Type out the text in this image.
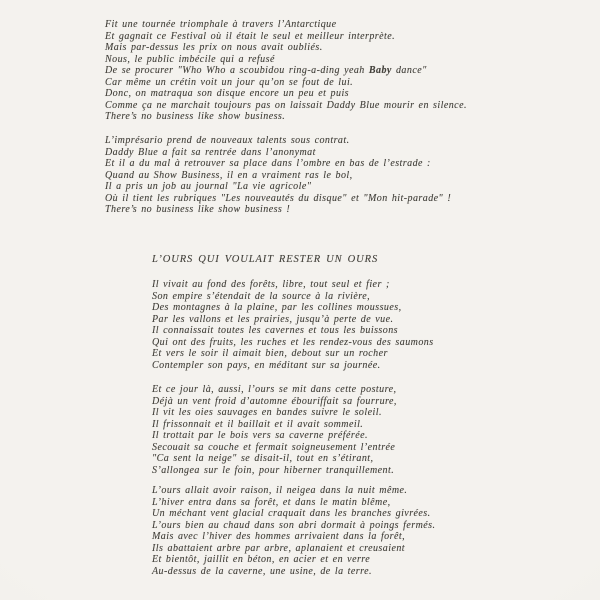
Fit une tournée triomphale à travers l’Antarctique
Et gagnait ce Festival où il était le seul et meilleur interprète.
Mais par-dessus les prix on nous avait oubliés.
Nous, le public imbécile qui a refusé
De se procurer "Who Who a scoubidou ring-a-ding yeah Baby dance"
Car même un crétin voit un jour qu’on se fout de lui.
Donc, on matraqua son disque encore un peu et puis
Comme ça ne marchait toujours pas on laissait Daddy Blue mourir en silence.
There’s no business like show business.
L’imprésario prend de nouveaux talents sous contrat.
Daddy Blue a fait sa rentrée dans l’anonymat
Et il a du mal à retrouver sa place dans l’ombre en bas de l’estrade :
Quand au Show Business, il en a vraiment ras le bol,
Il a pris un job au journal "La vie agricole"
Où il tient les rubriques "Les nouveautés du disque" et "Mon hit-parade" !
There’s no business like show business !
L’OURS QUI VOULAIT RESTER UN OURS
Il vivait au fond des forêts, libre, tout seul et fier ;
Son empire s’étendait de la source à la rivière,
Des montagnes à la plaine, par les collines moussues,
Par les vallons et les prairies, jusqu’à perte de vue.
Il connaissait toutes les cavernes et tous les buissons
Qui ont des fruits, les ruches et les rendez-vous des saumons
Et vers le soir il aimait bien, debout sur un rocher
Contempler son pays, en méditant sur sa journée.
Et ce jour là, aussi, l’ours se mit dans cette posture,
Déjà un vent froid d’automne ébouriffait sa fourrure,
Il vit les oies sauvages en bandes suivre le soleil.
Il frissonnait et il baillait et il avait sommeil.
Il trottait par le bois vers sa caverne préférée.
Secouait sa couche et fermait soigneusement l’entrée
"Ca sent la neige" se disait-il, tout en s’étirant,
S’allongea sur le foin, pour hiberner tranquillement.
L’ours allait avoir raison, il neigea dans la nuit même.
L’hiver entra dans sa forêt, et dans le matin blême,
Un méchant vent glacial craquait dans les branches givrées.
L’ours bien au chaud dans son abri dormait à poings fermés.
Mais avec l’hiver des hommes arrivaient dans la forêt,
Ils abattaient arbre par arbre, aplanaient et creusaient
Et bientôt, jaillit en béton, en acier et en verre
Au-dessus de la caverne, une usine, de la terre.
